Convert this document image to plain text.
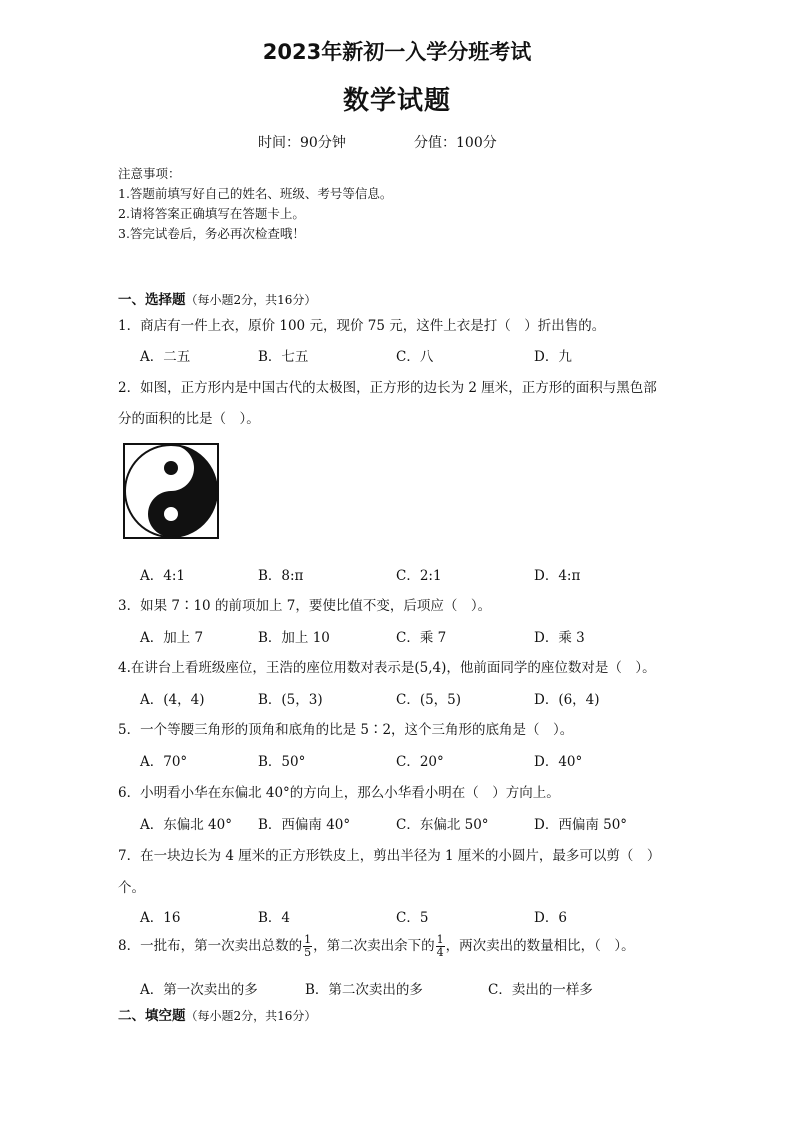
2023年新初一入学分班考试
数学试题
时间：90分钟	分值：100分
注意事项：
1.答题前填写好自己的姓名、班级、考号等信息。
2.请将答案正确填写在答题卡上。
3.答完试卷后，务必再次检查哦！
一、选择题（每小题2分，共16分）
1．商店有一件上衣，原价 100 元，现价 75 元，这件上衣是打（　）折出售的。
A．二五	B．七五	C．八	D．九
2．如图，正方形内是中国古代的太极图，正方形的边长为 2 厘米，正方形的面积与黑色部
分的面积的比是（　）。
A．4:1	B．8:π	C．2:1	D．4:π
3．如果 7∶10 的前项加上 7，要使比值不变，后项应（　）。
A．加上 7	B．加上 10	C．乘 7	D．乘 3
4.在讲台上看班级座位，王浩的座位用数对表示是(5,4)，他前面同学的座位数对是（　）。
A．(4，4)	B．(5，3)	C．(5，5)	D．(6，4)
5．一个等腰三角形的顶角和底角的比是 5∶2，这个三角形的底角是（　）。
A．70°	B．50°	C．20°	D．40°
6．小明看小华在东偏北 40°的方向上，那么小华看小明在（　）方向上。
A．东偏北 40° B．西偏南 40°	C．东偏北 50°	D．西偏南 50°
7．在一块边长为 4 厘米的正方形铁皮上，剪出半径为 1 厘米的小圆片，最多可以剪（　）
个。
A．16	B．4	C．5	D．6
8．一批布，第一次卖出总数的 $\frac{1}{5}$ ，第二次卖出余下的 $\frac{1}{4}$ ，两次卖出的数量相比，（　）。
A．第一次卖出的多	B．第二次卖出的多	C．卖出的一样多
二、填空题（每小题2分，共16分）
